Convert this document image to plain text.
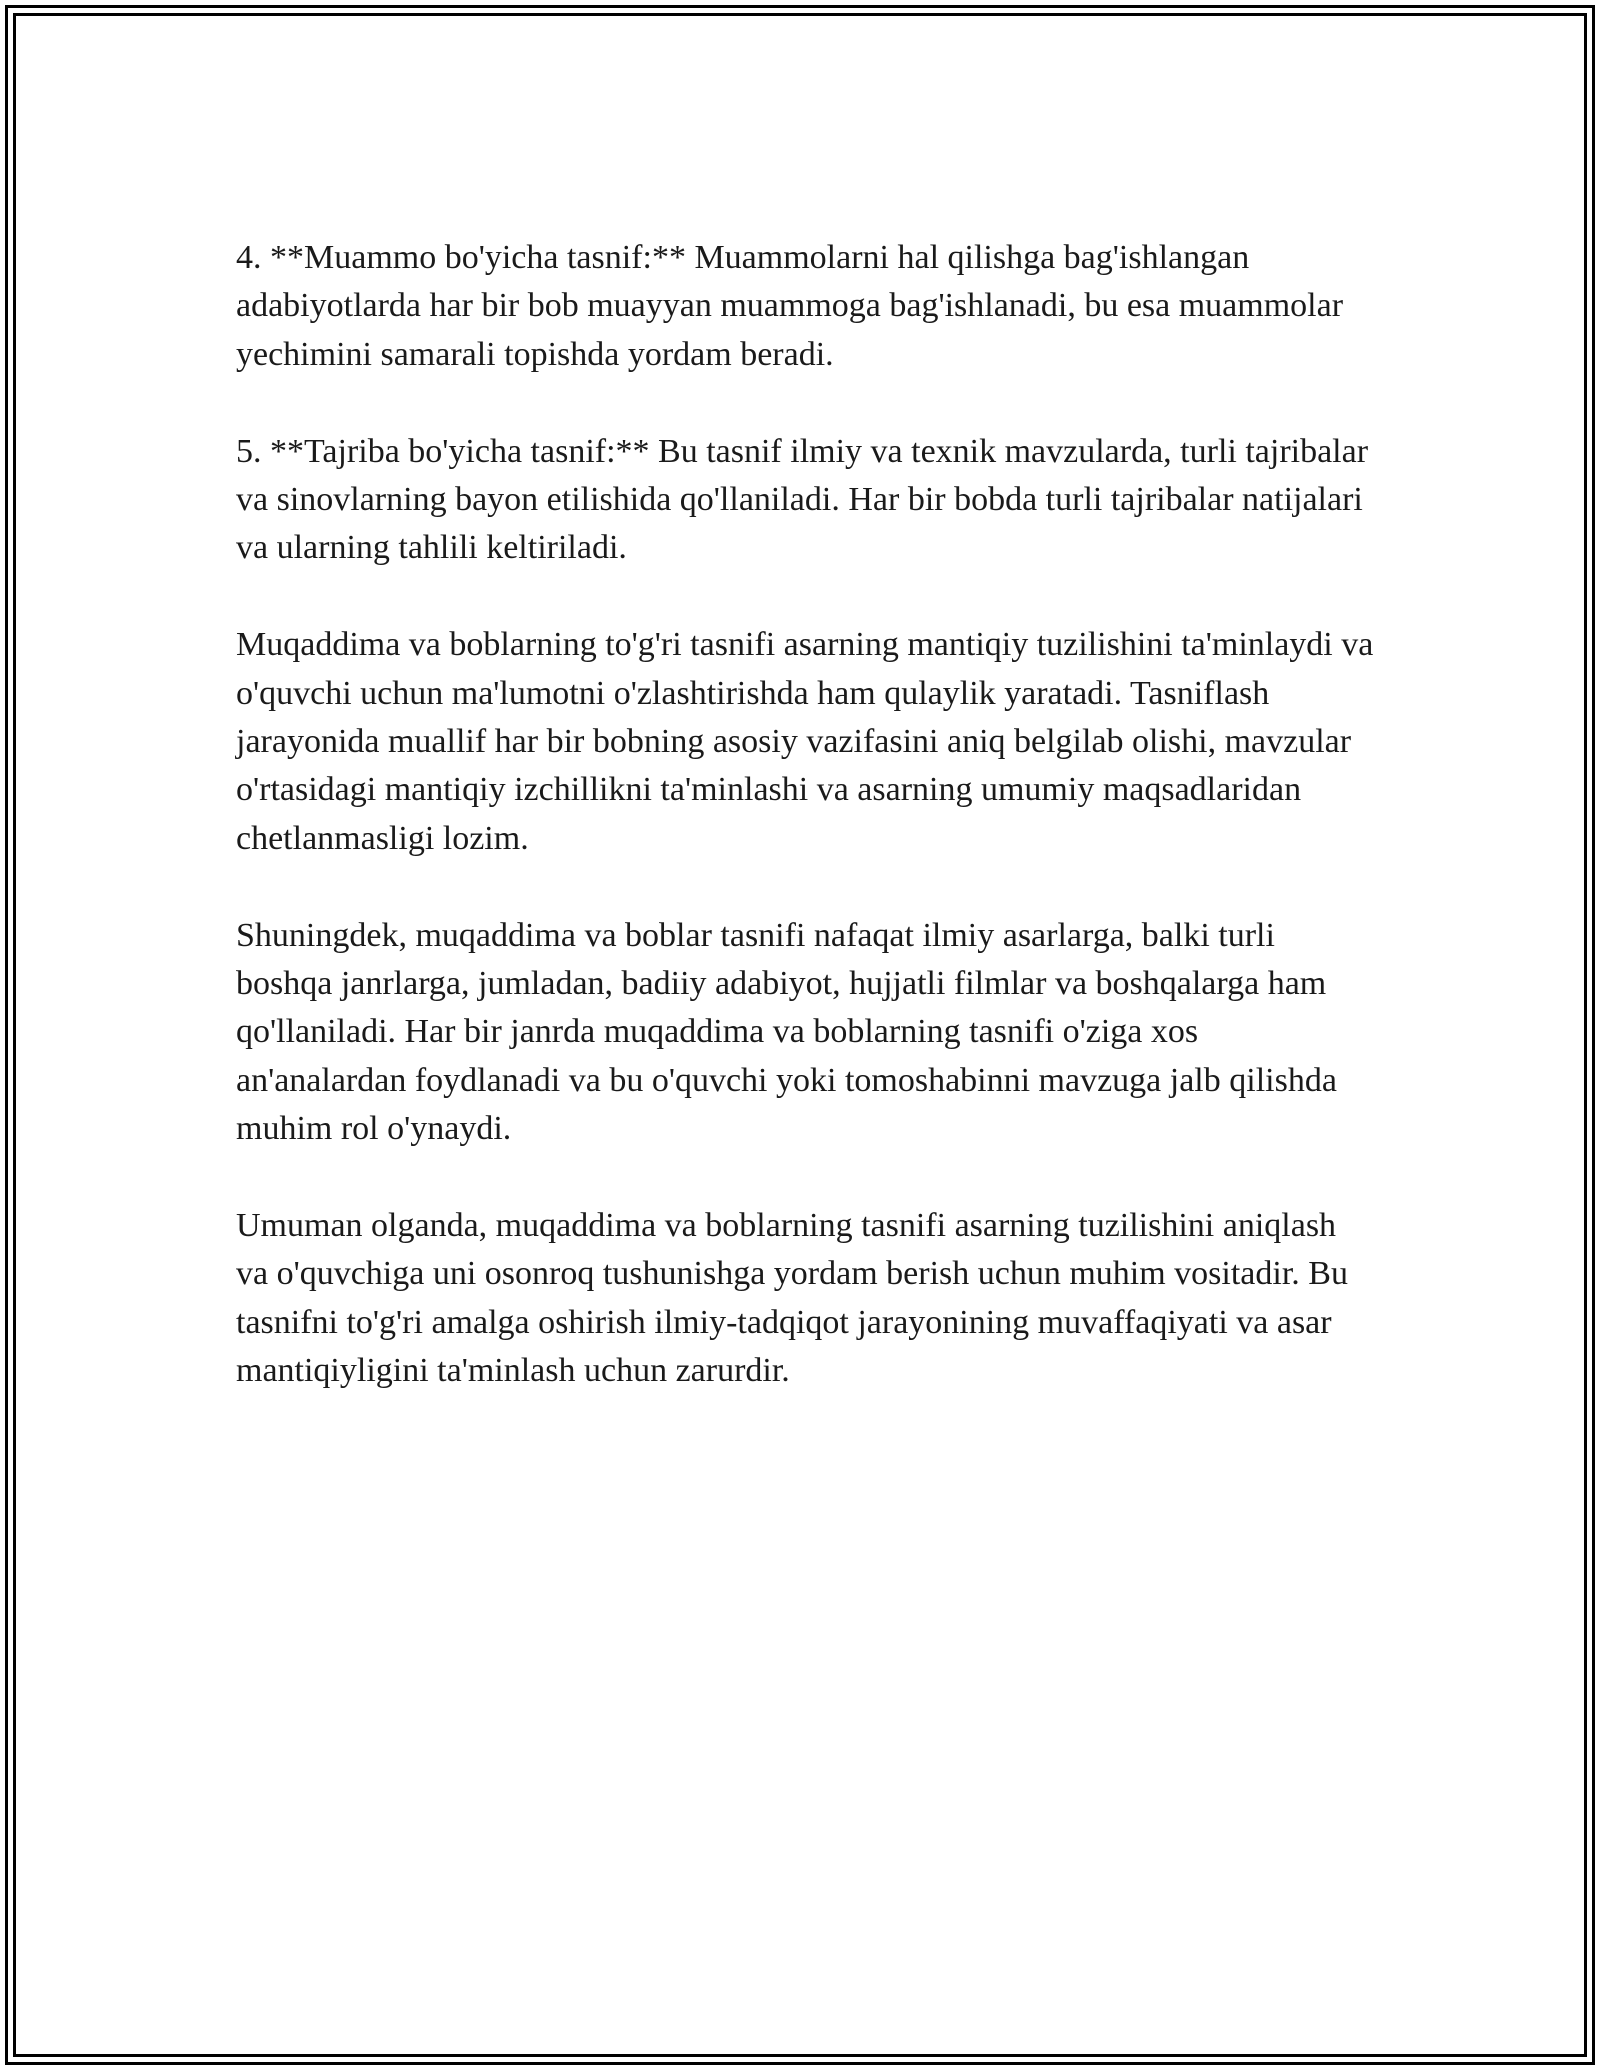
4. **Muammo bo'yicha tasnif:** Muammolarni hal qilishga bag'ishlangan adabiyotlarda har bir bob muayyan muammoga bag'ishlanadi, bu esa muammolar yechimini samarali topishda yordam beradi.

5. **Tajriba bo'yicha tasnif:** Bu tasnif ilmiy va texnik mavzularda, turli tajribalar va sinovlarning bayon etilishida qo'llaniladi. Har bir bobda turli tajribalar natijalari va ularning tahlili keltiriladi.

Muqaddima va boblarning to'g'ri tasnifi asarning mantiqiy tuzilishini ta'minlaydi va o'quvchi uchun ma'lumotni o'zlashtirishda ham qulaylik yaratadi. Tasniflash jarayonida muallif har bir bobning asosiy vazifasini aniq belgilab olishi, mavzular o'rtasidagi mantiqiy izchillikni ta'minlashi va asarning umumiy maqsadlaridan chetlanmasligi lozim.

Shuningdek, muqaddima va boblar tasnifi nafaqat ilmiy asarlarga, balki turli boshqa janrlarga, jumladan, badiiy adabiyot, hujjatli filmlar va boshqalarga ham qo'llaniladi. Har bir janrda muqaddima va boblarning tasnifi o'ziga xos an'analardan foydlanadi va bu o'quvchi yoki tomoshabinni mavzuga jalb qilishda muhim rol o'ynaydi.

Umuman olganda, muqaddima va boblarning tasnifi asarning tuzilishini aniqlash va o'quvchiga uni osonroq tushunishga yordam berish uchun muhim vositadir. Bu tasnifni to'g'ri amalga oshirish ilmiy-tadqiqot jarayonining muvaffaqiyati va asar mantiqiyligini ta'minlash uchun zarurdir.
